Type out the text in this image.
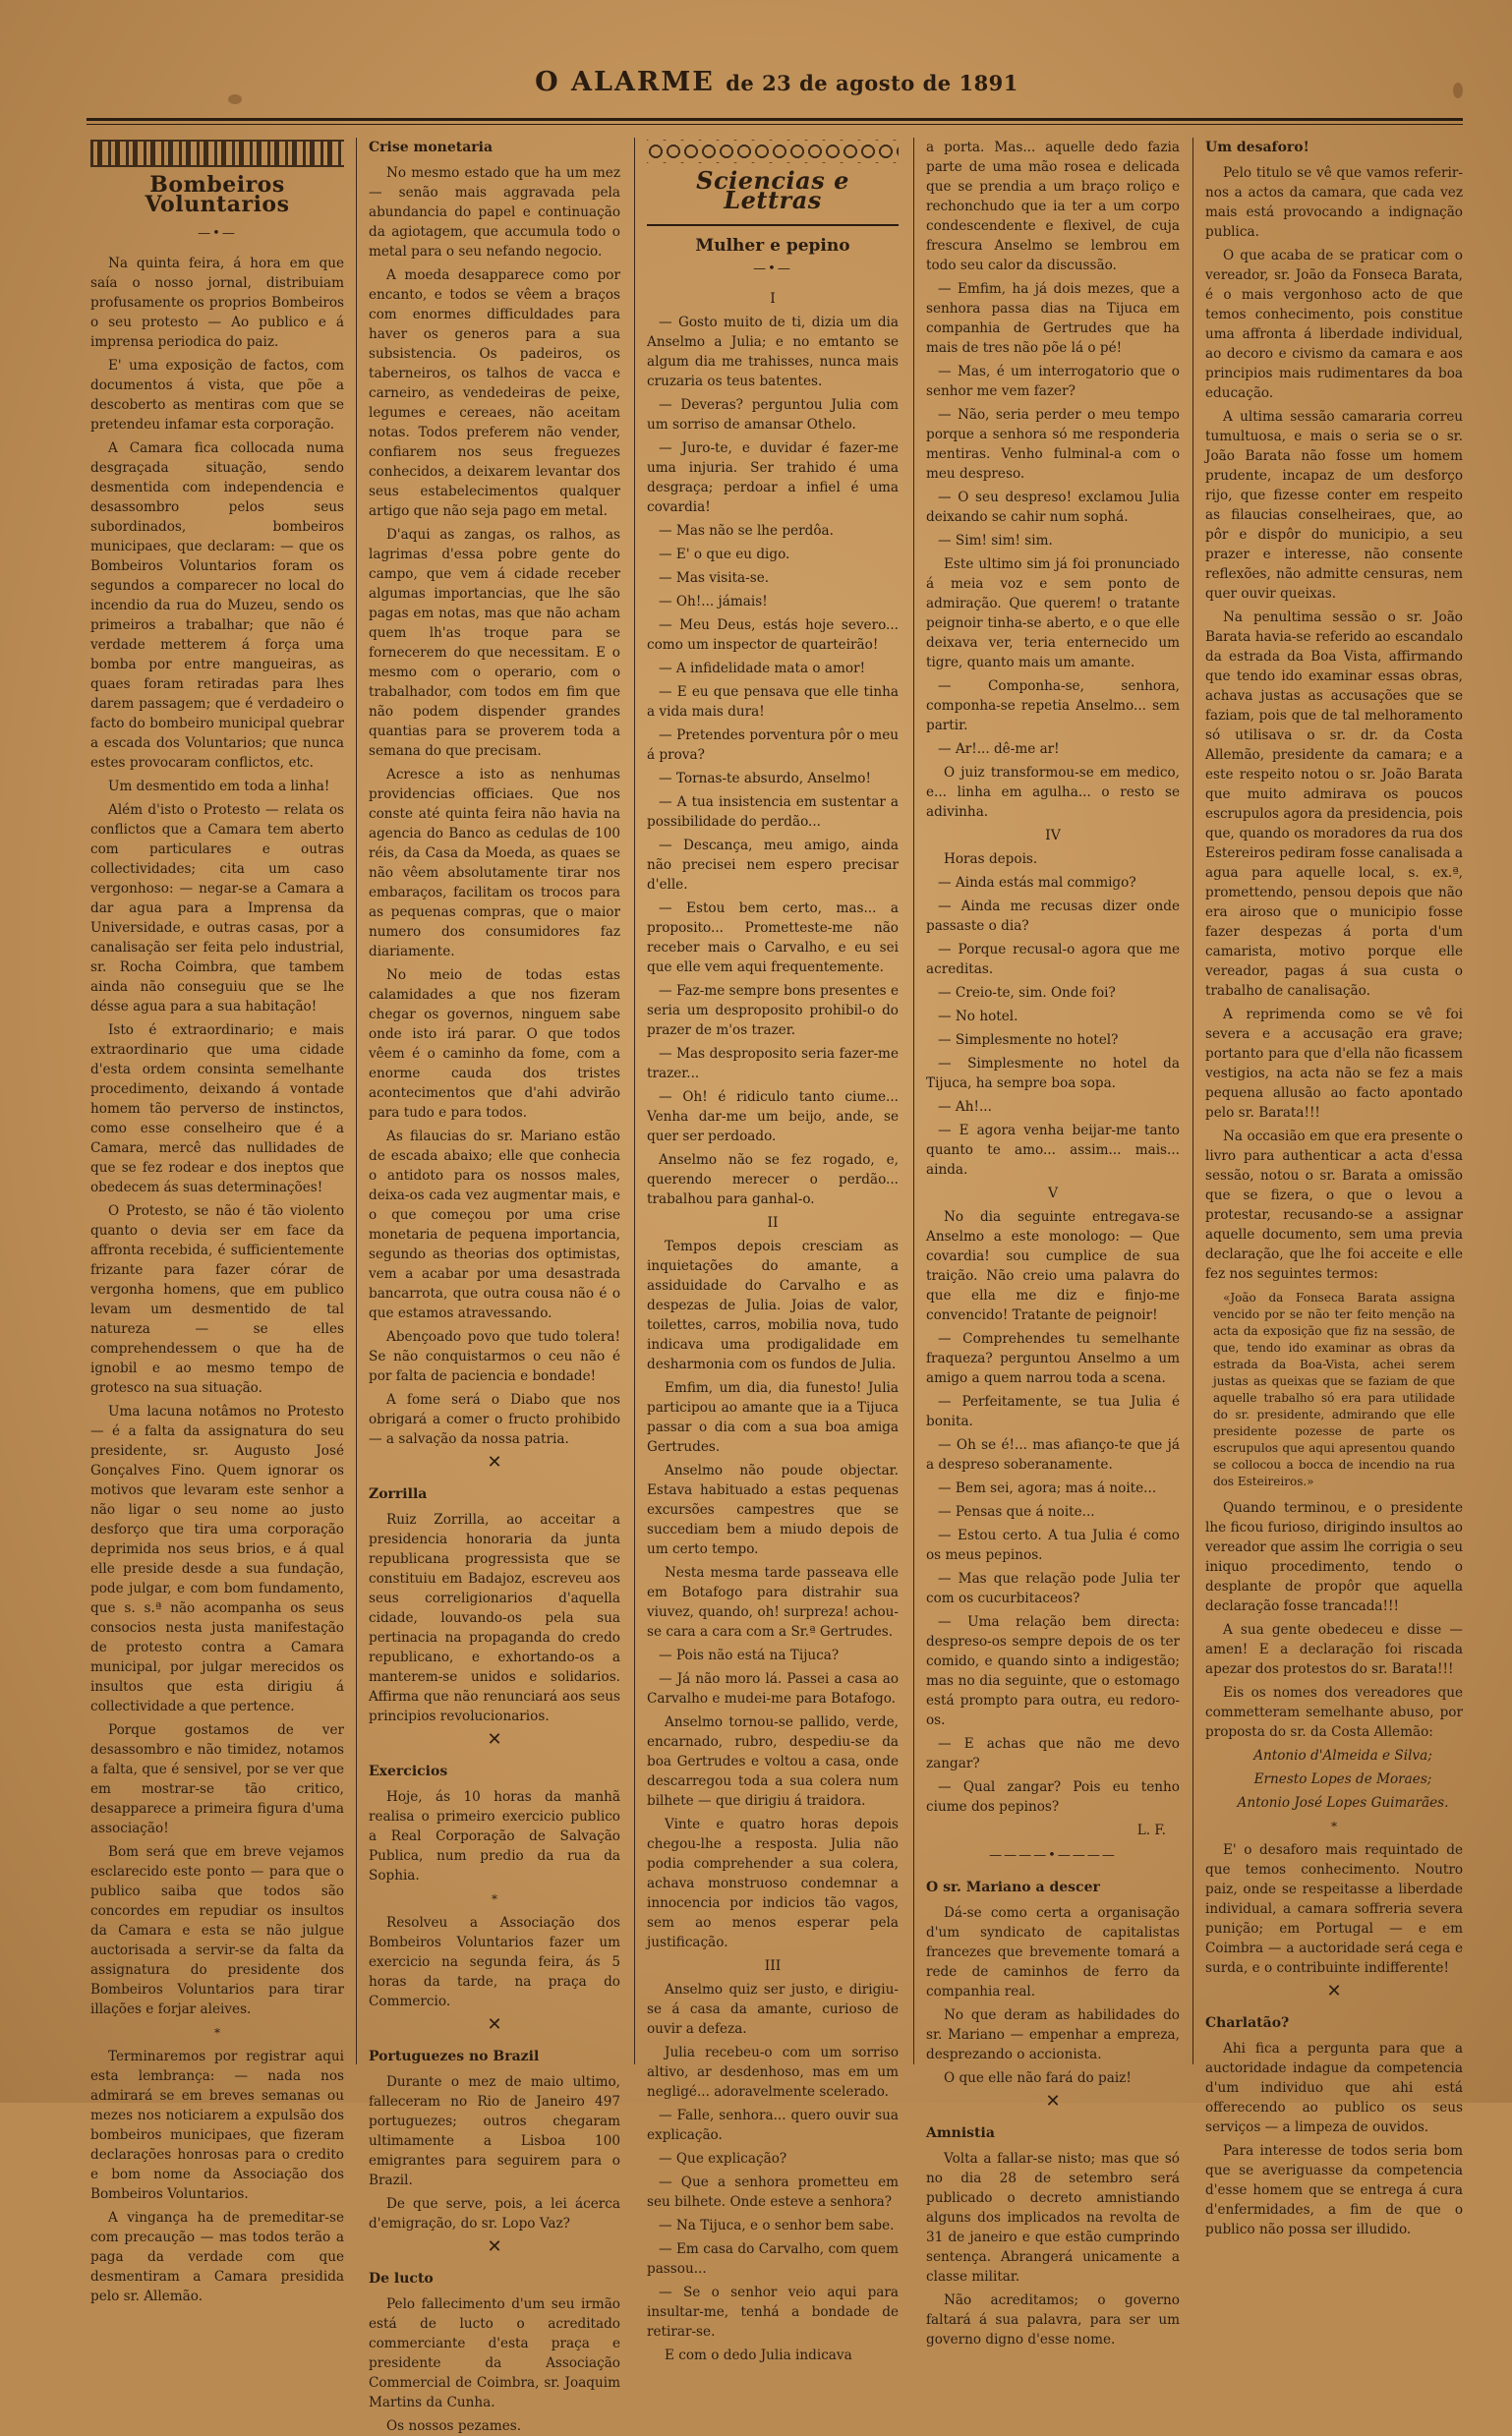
O ALARME de 23 de agosto de 1891
Bombeiros Voluntarios
—•—

Na quinta feira, á hora em que saía o nosso jornal, distribuiam profusamente os proprios Bombeiros o seu protesto — Ao publico e á imprensa periodica do paiz.

E' uma exposição de factos, com documentos á vista, que põe a descoberto as mentiras com que se pretendeu infamar esta corporação.

A Camara fica collocada numa desgraçada situação, sendo desmentida com independencia e desassombro pelos seus subordinados, bombeiros municipaes, que declaram: — que os Bombeiros Voluntarios foram os segundos a comparecer no local do incendio da rua do Muzeu, sendo os primeiros a trabalhar; que não é verdade metterem á força uma bomba por entre mangueiras, as quaes foram retiradas para lhes darem passagem; que é verdadeiro o facto do bombeiro municipal quebrar a escada dos Voluntarios; que nunca estes provocaram conflictos, etc.

Um desmentido em toda a linha!

Além d'isto o Protesto — relata os conflictos que a Camara tem aberto com particulares e outras collectividades; cita um caso vergonhoso: — negar-se a Camara a dar agua para a Imprensa da Universidade, e outras casas, por a canalisação ser feita pelo industrial, sr. Rocha Coimbra, que tambem ainda não conseguiu que se lhe désse agua para a sua habitação!

Isto é extraordinario; e mais extraordinario que uma cidade d'esta ordem consinta semelhante procedimento, deixando á vontade homem tão perverso de instinctos, como esse conselheiro que é a Camara, mercê das nullidades de que se fez rodear e dos ineptos que obedecem ás suas determinações!

O Protesto, se não é tão violento quanto o devia ser em face da affronta recebida, é sufficientemente frizante para fazer córar de vergonha homens, que em publico levam um desmentido de tal natureza — se elles comprehendessem o que ha de ignobil e ao mesmo tempo de grotesco na sua situação.

Uma lacuna notâmos no Protesto — é a falta da assignatura do seu presidente, sr. Augusto José Gonçalves Fino. Quem ignorar os motivos que levaram este senhor a não ligar o seu nome ao justo desforço que tira uma corporação deprimida nos seus brios, e á qual elle preside desde a sua fundação, pode julgar, e com bom fundamento, que s. s.ª não acompanha os seus consocios nesta justa manifestação de protesto contra a Camara municipal, por julgar merecidos os insultos que esta dirigiu á collectividade a que pertence.

Porque gostamos de ver desassombro e não timidez, notamos a falta, que é sensivel, por se ver que em mostrar-se tão critico, desapparece a primeira figura d'uma associação!

Bom será que em breve vejamos esclarecido este ponto — para que o publico saiba que todos são concordes em repudiar os insultos da Camara e esta se não julgue auctorisada a servir-se da falta da assignatura do presidente dos Bombeiros Voluntarios para tirar illações e forjar aleives.

*

Terminaremos por registrar aqui esta lembrança: — nada nos admirará se em breves semanas ou mezes nos noticiarem a expulsão dos bombeiros municipaes, que fizeram declarações honrosas para o credito e bom nome da Associação dos Bombeiros Voluntarios.

A vingança ha de premeditar-se com precaução — mas todos terão a paga da verdade com que desmentiram a Camara presidida pelo sr. Allemão.

Crise monetaria

No mesmo estado que ha um mez — senão mais aggravada pela abundancia do papel e continuação da agiotagem, que accumula todo o metal para o seu nefando negocio.

A moeda desapparece como por encanto, e todos se vêem a braços com enormes difficuldades para haver os generos para a sua subsistencia. Os padeiros, os taberneiros, os talhos de vacca e carneiro, as vendedeiras de peixe, legumes e cereaes, não aceitam notas. Todos preferem não vender, confiarem nos seus freguezes conhecidos, a deixarem levantar dos seus estabelecimentos qualquer artigo que não seja pago em metal.

D'aqui as zangas, os ralhos, as lagrimas d'essa pobre gente do campo, que vem á cidade receber algumas importancias, que lhe são pagas em notas, mas que não acham quem lh'as troque para se fornecerem do que necessitam. E o mesmo com o operario, com o trabalhador, com todos em fim que não podem dispender grandes quantias para se proverem toda a semana do que precisam.

Acresce a isto as nenhumas providencias officiaes. Que nos conste até quinta feira não havia na agencia do Banco as cedulas de 100 réis, da Casa da Moeda, as quaes se não vêem absolutamente tirar nos embaraços, facilitam os trocos para as pequenas compras, que o maior numero dos consumidores faz diariamente.

No meio de todas estas calamidades a que nos fizeram chegar os governos, ninguem sabe onde isto irá parar. O que todos vêem é o caminho da fome, com a enorme cauda dos tristes acontecimentos que d'ahi advirão para tudo e para todos.

As filaucias do sr. Mariano estão de escada abaixo; elle que conhecia o antidoto para os nossos males, deixa-os cada vez augmentar mais, e o que começou por uma crise monetaria de pequena importancia, segundo as theorias dos optimistas, vem a acabar por uma desastrada bancarrota, que outra cousa não é o que estamos atravessando.

Abençoado povo que tudo tolera! Se não conquistarmos o ceu não é por falta de paciencia e bondade!

A fome será o Diabo que nos obrigará a comer o fructo prohibido — a salvação da nossa patria.

✕
Zorrilla

Ruiz Zorrilla, ao acceitar a presidencia honoraria da junta republicana progressista que se constituiu em Badajoz, escreveu aos seus correligionarios d'aquella cidade, louvando-os pela sua pertinacia na propaganda do credo republicano, e exhortando-os a manterem-se unidos e solidarios. Affirma que não renunciará aos seus principios revolucionarios.

✕
Exercicios

Hoje, ás 10 horas da manhã realisa o primeiro exercicio publico a Real Corporação de Salvação Publica, num predio da rua da Sophia.

*

Resolveu a Associação dos Bombeiros Voluntarios fazer um exercicio na segunda feira, ás 5 horas da tarde, na praça do Commercio.

✕
Portuguezes no Brazil

Durante o mez de maio ultimo, falleceram no Rio de Janeiro 497 portuguezes; outros chegaram ultimamente a Lisboa 100 emigrantes para seguirem para o Brazil.

De que serve, pois, a lei ácerca d'emigração, do sr. Lopo Vaz?

✕
De lucto

Pelo fallecimento d'um seu irmão está de lucto o acreditado commerciante d'esta praça e presidente da Associação Commercial de Coimbra, sr. Joaquim Martins da Cunha.

Os nossos pezames.

Sciencias e Lettras
Mulher e pepino
—•—
I

— Gosto muito de ti, dizia um dia Anselmo a Julia; e no emtanto se algum dia me trahisses, nunca mais cruzaria os teus batentes.

— Deveras? perguntou Julia com um sorriso de amansar Othelo.

— Juro-te, e duvidar é fazer-me uma injuria. Ser trahido é uma desgraça; perdoar a infiel é uma covardia!

— Mas não se lhe perdôa.

— E' o que eu digo.

— Mas visita-se.

— Oh!... jámais!

— Meu Deus, estás hoje severo... como um inspector de quarteirão!

— A infidelidade mata o amor!

— E eu que pensava que elle tinha a vida mais dura!

— Pretendes porventura pôr o meu á prova?

— Tornas-te absurdo, Anselmo!

— A tua insistencia em sustentar a possibilidade do perdão...

— Descança, meu amigo, ainda não precisei nem espero precisar d'elle.

— Estou bem certo, mas... a proposito... Prometteste-me não receber mais o Carvalho, e eu sei que elle vem aqui frequentemente.

— Faz-me sempre bons presentes e seria um desproposito prohibil-o do prazer de m'os trazer.

— Mas desproposito seria fazer-me trazer...

— Oh! é ridiculo tanto ciume... Venha dar-me um beijo, ande, se quer ser perdoado.

Anselmo não se fez rogado, e, querendo merecer o perdão... trabalhou para ganhal-o.

II

Tempos depois cresciam as inquietações do amante, a assiduidade do Carvalho e as despezas de Julia. Joias de valor, toilettes, carros, mobilia nova, tudo indicava uma prodigalidade em desharmonia com os fundos de Julia.

Emfim, um dia, dia funesto! Julia participou ao amante que ia a Tijuca passar o dia com a sua boa amiga Gertrudes.

Anselmo não poude objectar. Estava habituado a estas pequenas excursões campestres que se succediam bem a miudo depois de um certo tempo.

Nesta mesma tarde passeava elle em Botafogo para distrahir sua viuvez, quando, oh! surpreza! achou-se cara a cara com a Sr.ª Gertrudes.

— Pois não está na Tijuca?

— Já não moro lá. Passei a casa ao Carvalho e mudei-me para Botafogo.

Anselmo tornou-se pallido, verde, encarnado, rubro, despediu-se da boa Gertrudes e voltou a casa, onde descarregou toda a sua colera num bilhete — que dirigiu á traidora.

Vinte e quatro horas depois chegou-lhe a resposta. Julia não podia comprehender a sua colera, achava monstruoso condemnar a innocencia por indicios tão vagos, sem ao menos esperar pela justificação.

III

Anselmo quiz ser justo, e dirigiu-se á casa da amante, curioso de ouvir a defeza.

Julia recebeu-o com um sorriso altivo, ar desdenhoso, mas em um negligé... adoravelmente scelerado.

— Falle, senhora... quero ouvir sua explicação.

— Que explicação?

— Que a senhora prometteu em seu bilhete. Onde esteve a senhora?

— Na Tijuca, e o senhor bem sabe.

— Em casa do Carvalho, com quem passou...

— Se o senhor veio aqui para insultar-me, tenhá a bondade de retirar-se.

E com o dedo Julia indicava

a porta. Mas... aquelle dedo fazia parte de uma mão rosea e delicada que se prendia a um braço roliço e rechonchudo que ia ter a um corpo condescendente e flexivel, de cuja frescura Anselmo se lembrou em todo seu calor da discussão.

— Emfim, ha já dois mezes, que a senhora passa dias na Tijuca em companhia de Gertrudes que ha mais de tres não põe lá o pé!

— Mas, é um interrogatorio que o senhor me vem fazer?

— Não, seria perder o meu tempo porque a senhora só me responderia mentiras. Venho fulminal-a com o meu despreso.

— O seu despreso! exclamou Julia deixando se cahir num sophá.

— Sim! sim! sim.

Este ultimo sim já foi pronunciado á meia voz e sem ponto de admiração. Que querem! o tratante peignoir tinha-se aberto, e o que elle deixava ver, teria enternecido um tigre, quanto mais um amante.

— Componha-se, senhora, componha-se repetia Anselmo... sem partir.

— Ar!... dê-me ar!

O juiz transformou-se em medico, e... linha em agulha... o resto se adivinha.

IV

Horas depois.

— Ainda estás mal commigo?

— Ainda me recusas dizer onde passaste o dia?

— Porque recusal-o agora que me acreditas.

— Creio-te, sim. Onde foi?

— No hotel.

— Simplesmente no hotel?

— Simplesmente no hotel da Tijuca, ha sempre boa sopa.

— Ah!...

— E agora venha beijar-me tanto quanto te amo... assim... mais... ainda.

V

No dia seguinte entregava-se Anselmo a este monologo: — Que covardia! sou cumplice de sua traição. Não creio uma palavra do que ella me diz e finjo-me convencido! Tratante de peignoir!

— Comprehendes tu semelhante fraqueza? perguntou Anselmo a um amigo a quem narrou toda a scena.

— Perfeitamente, se tua Julia é bonita.

— Oh se é!... mas afianço-te que já a despreso soberanamente.

— Bem sei, agora; mas á noite...

— Pensas que á noite...

— Estou certo. A tua Julia é como os meus pepinos.

— Mas que relação pode Julia ter com os cucurbitaceos?

— Uma relação bem directa: despreso-os sempre depois de os ter comido, e quando sinto a indigestão; mas no dia seguinte, que o estomago está prompto para outra, eu redoro-os.

— E achas que não me devo zangar?

— Qual zangar? Pois eu tenho ciume dos pepinos?

L. F.
————•————
O sr. Mariano a descer

Dá-se como certa a organisação d'um syndicato de capitalistas francezes que brevemente tomará a rede de caminhos de ferro da companhia real.

No que deram as habilidades do sr. Mariano — empenhar a empreza, desprezando o accionista.

O que elle não fará do paiz!

✕
Amnistia

Volta a fallar-se nisto; mas que só no dia 28 de setembro será publicado o decreto amnistiando alguns dos implicados na revolta de 31 de janeiro e que estão cumprindo sentença. Abrangerá unicamente a classe militar.

Não acreditamos; o governo faltará á sua palavra, para ser um governo digno d'esse nome.

Um desaforo!

Pelo titulo se vê que vamos referir-nos a actos da camara, que cada vez mais está provocando a indignação publica.

O que acaba de se praticar com o vereador, sr. João da Fonseca Barata, é o mais vergonhoso acto de que temos conhecimento, pois constitue uma affronta á liberdade individual, ao decoro e civismo da camara e aos principios mais rudimentares da boa educação.

A ultima sessão camararia correu tumultuosa, e mais o seria se o sr. João Barata não fosse um homem prudente, incapaz de um desforço rijo, que fizesse conter em respeito as filaucias conselheiraes, que, ao pôr e dispôr do municipio, a seu prazer e interesse, não consente reflexões, não admitte censuras, nem quer ouvir queixas.

Na penultima sessão o sr. João Barata havia-se referido ao escandalo da estrada da Boa Vista, affirmando que tendo ido examinar essas obras, achava justas as accusações que se faziam, pois que de tal melhoramento só utilisava o sr. dr. da Costa Allemão, presidente da camara; e a este respeito notou o sr. João Barata que muito admirava os poucos escrupulos agora da presidencia, pois que, quando os moradores da rua dos Estereiros pediram fosse canalisada a agua para aquelle local, s. ex.ª, promettendo, pensou depois que não era airoso que o municipio fosse fazer despezas á porta d'um camarista, motivo porque elle vereador, pagas á sua custa o trabalho de canalisação.

A reprimenda como se vê foi severa e a accusação era grave; portanto para que d'ella não ficassem vestigios, na acta não se fez a mais pequena allusão ao facto apontado pelo sr. Barata!!!

Na occasião em que era presente o livro para authenticar a acta d'essa sessão, notou o sr. Barata a omissão que se fizera, o que o levou a protestar, recusando-se a assignar aquelle documento, sem uma previa declaração, que lhe foi acceite e elle fez nos seguintes termos:

«João da Fonseca Barata assigna vencido por se não ter feito menção na acta da exposição que fiz na sessão, de que, tendo ido examinar as obras da estrada da Boa-Vista, achei serem justas as queixas que se faziam de que aquelle trabalho só era para utilidade do sr. presidente, admirando que elle presidente pozesse de parte os escrupulos que aqui apresentou quando se collocou a bocca de incendio na rua dos Esteireiros.»

Quando terminou, e o presidente lhe ficou furioso, dirigindo insultos ao vereador que assim lhe corrigia o seu iniquo procedimento, tendo o desplante de propôr que aquella declaração fosse trancada!!!

A sua gente obedeceu e disse — amen! E a declaração foi riscada apezar dos protestos do sr. Barata!!!

Eis os nomes dos vereadores que commetteram semelhante abuso, por proposta do sr. da Costa Allemão:

Antonio d'Almeida e Silva;

Ernesto Lopes de Moraes;

Antonio José Lopes Guimarães.

*

E' o desaforo mais requintado de que temos conhecimento. Noutro paiz, onde se respeitasse a liberdade individual, a camara soffreria severa punição; em Portugal — e em Coimbra — a auctoridade será cega e surda, e o contribuinte indifferente!

✕
Charlatão?

Ahi fica a pergunta para que a auctoridade indague da competencia d'um individuo que ahi está offerecendo ao publico os seus serviços — a limpeza de ouvidos.

Para interesse de todos seria bom que se averiguasse da competencia d'esse homem que se entrega á cura d'enfermidades, a fim de que o publico não possa ser illudido.
